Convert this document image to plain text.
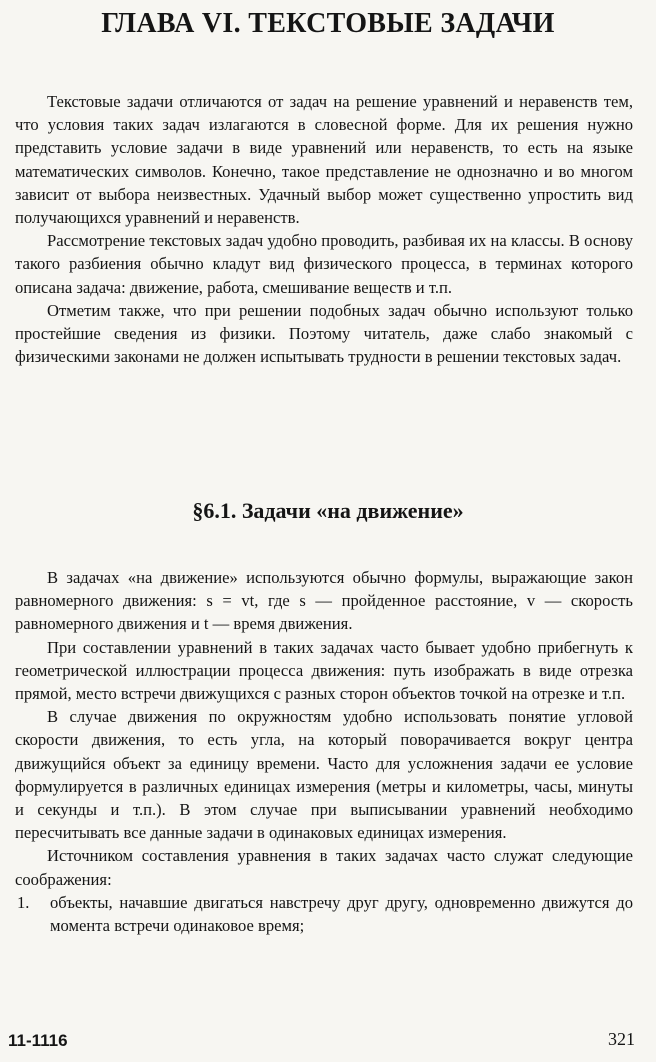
ГЛАВА VI. ТЕКСТОВЫЕ ЗАДАЧИ

Текстовые задачи отличаются от задач на решение уравнений и неравенств тем, что условия таких задач излагаются в словесной форме. Для их решения нужно представить условие задачи в виде уравнений или неравенств, то есть на языке математических символов. Конечно, такое представление не однозначно и во многом зависит от выбора неизвестных. Удачный выбор может существенно упростить вид получающихся уравнений и неравенств.

Рассмотрение текстовых задач удобно проводить, разбивая их на классы. В основу такого разбиения обычно кладут вид физического процесса, в терминах которого описана задача: движение, работа, смешивание веществ и т.п.

Отметим также, что при решении подобных задач обычно используют только простейшие сведения из физики. Поэтому читатель, даже слабо знакомый с физическими законами не должен испытывать трудности в решении текстовых задач.

§6.1. Задачи «на движение»

В задачах «на движение» используются обычно формулы, выражающие закон равномерного движения: s = vt, где s — пройденное расстояние, v — скорость равномерного движения и t — время движения.

При составлении уравнений в таких задачах часто бывает удобно прибегнуть к геометрической иллюстрации процесса движения: путь изображать в виде отрезка прямой, место встречи движущихся с разных сторон объектов точкой на отрезке и т.п.

В случае движения по окружностям удобно использовать понятие угловой скорости движения, то есть угла, на который поворачивается вокруг центра движущийся объект за единицу времени. Часто для усложнения задачи ее условие формулируется в различных единицах измерения (метры и километры, часы, минуты и секунды и т.п.). В этом случае при выписывании уравнений необходимо пересчитывать все данные задачи в одинаковых единицах измерения.

Источником составления уравнения в таких задачах часто служат следующие соображения:

1. объекты, начавшие двигаться навстречу друг другу, одновременно движутся до момента встречи одинаковое время;
11-1116	321
